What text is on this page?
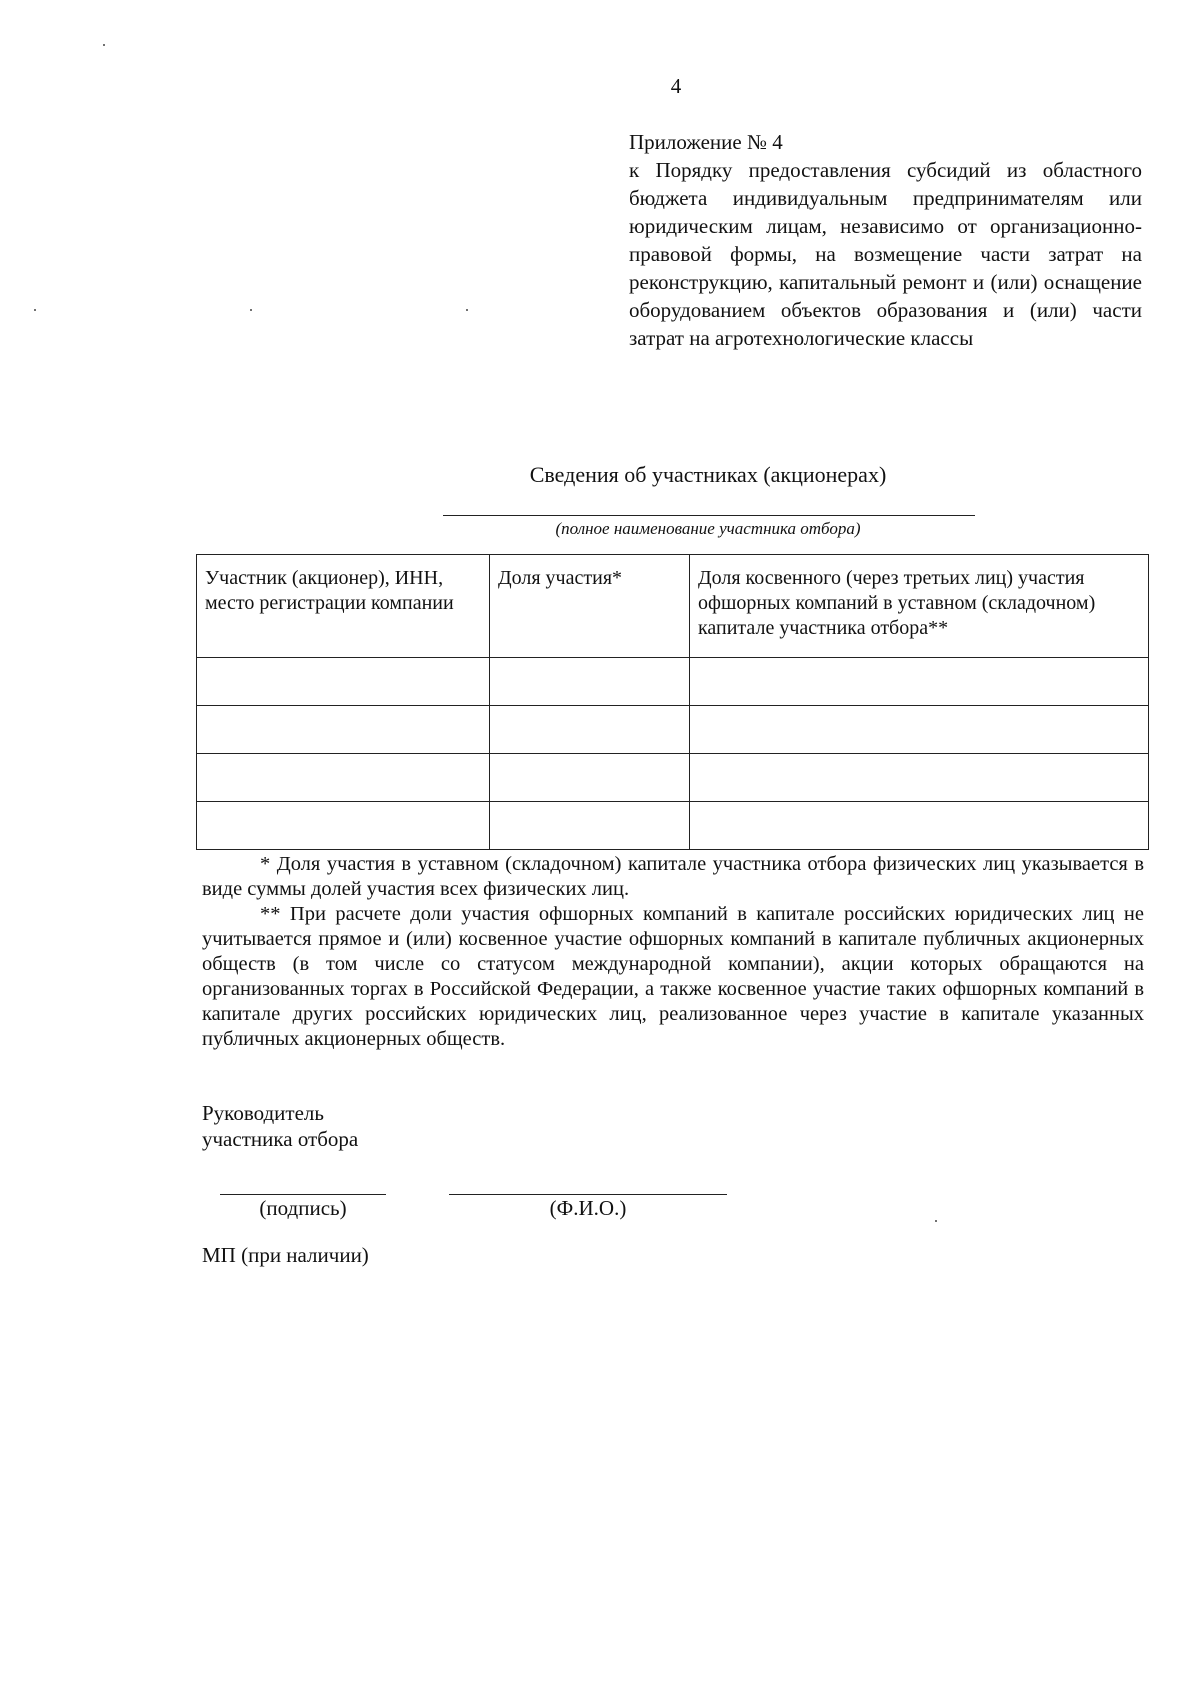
4
Приложение № 4
к Порядку предоставления субсидий из областного бюджета индивидуальным предпринимателям или юридическим лицам, независимо от организационно-правовой формы, на возмещение части затрат на реконструкцию, капитальный ремонт и (или) оснащение оборудованием объектов образования и (или) части затрат на агротехнологические классы
Сведения об участниках (акционерах)
(полное наименование участника отбора)
Участник (акционер), ИНН, место регистрации компании	Доля участия*	Доля косвенного (через третьих лиц) участия офшорных компаний в уставном (складочном) капитале участника отбора**

* Доля участия в уставном (складочном) капитале участника отбора физических лиц указывается в виде суммы долей участия всех физических лиц.

** При расчете доли участия офшорных компаний в капитале российских юридических лиц не учитывается прямое и (или) косвенное участие офшорных компаний в капитале публичных акционерных обществ (в том числе со статусом международной компании), акции которых обращаются на организованных торгах в Российской Федерации, а также косвенное участие таких офшорных компаний в капитале других российских юридических лиц, реализованное через участие в капитале указанных публичных акционерных обществ.

Руководитель
участника отбора
(подпись)	(Ф.И.О.)
МП (при наличии)
